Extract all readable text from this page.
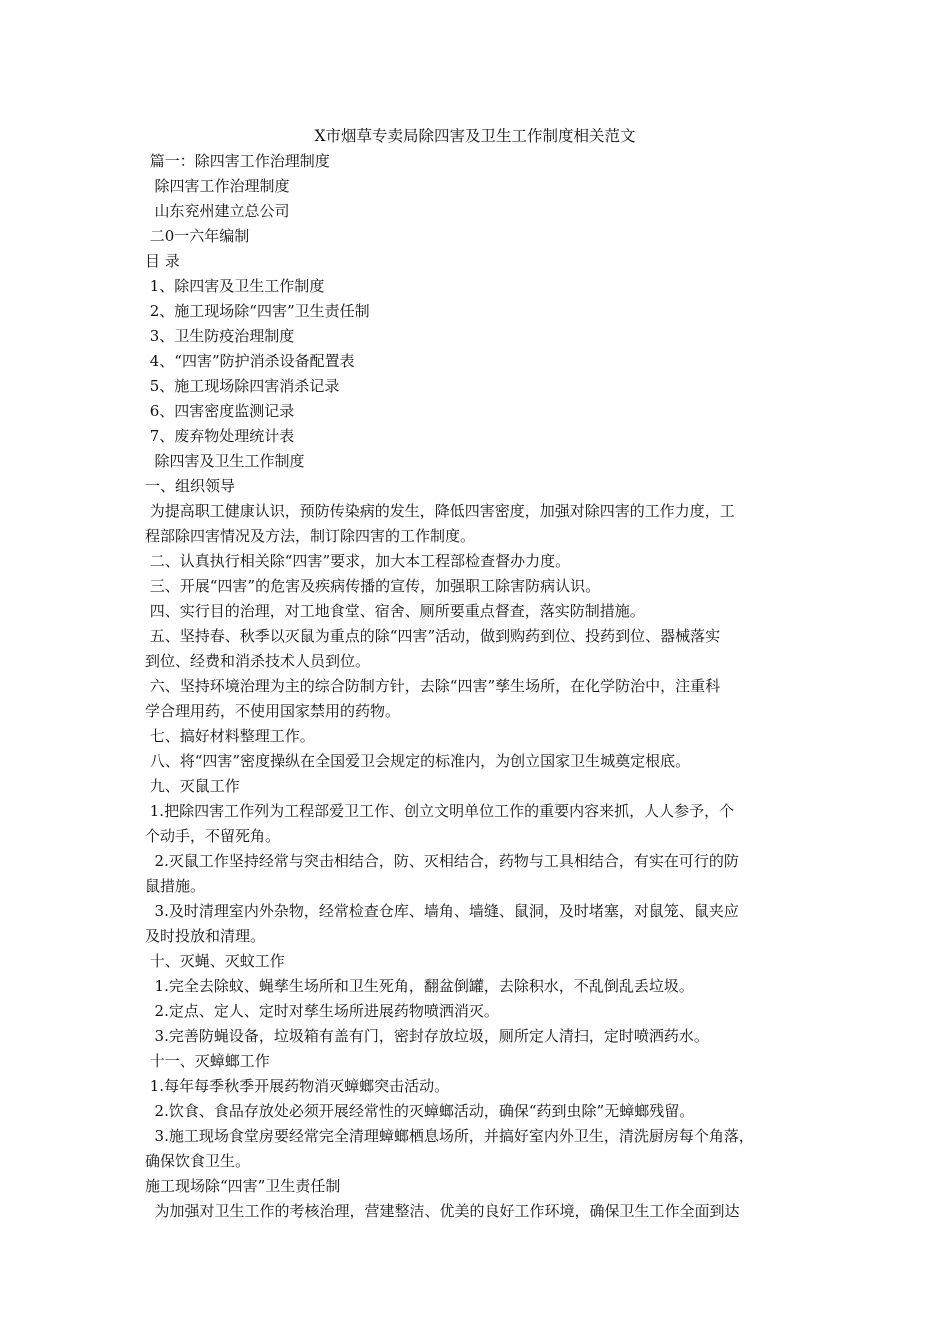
X市烟草专卖局除四害及卫生工作制度相关范文
篇一：除四害工作治理制度
除四害工作治理制度
山东兖州建立总公司
二0一六年编制
目 录
1、除四害及卫生工作制度
2、施工现场除“四害”卫生责任制
3、卫生防疫治理制度
4、“四害”防护消杀设备配置表
5、施工现场除四害消杀记录
6、四害密度监测记录
7、废弃物处理统计表
除四害及卫生工作制度
一、组织领导
为提高职工健康认识，预防传染病的发生，降低四害密度，加强对除四害的工作力度，工
程部除四害情况及方法，制订除四害的工作制度。
二、认真执行相关除“四害”要求，加大本工程部检查督办力度。
三、开展“四害”的危害及疾病传播的宣传，加强职工除害防病认识。
四、实行目的治理，对工地食堂、宿舍、厕所要重点督查，落实防制措施。
五、坚持春、秋季以灭鼠为重点的除“四害”活动，做到购药到位、投药到位、器械落实
到位、经费和消杀技术人员到位。
六、坚持环境治理为主的综合防制方针，去除“四害”孳生场所，在化学防治中，注重科
学合理用药，不使用国家禁用的药物。
七、搞好材料整理工作。
八、将“四害”密度操纵在全国爱卫会规定的标准内，为创立国家卫生城奠定根底。
九、灭鼠工作
1.把除四害工作列为工程部爱卫工作、创立文明单位工作的重要内容来抓，人人参予，个
个动手，不留死角。
2.灭鼠工作坚持经常与突击相结合，防、灭相结合，药物与工具相结合，有实在可行的防
鼠措施。
3.及时清理室内外杂物，经常检查仓库、墙角、墙缝、鼠洞，及时堵塞，对鼠笼、鼠夹应
及时投放和清理。
十、灭蝇、灭蚊工作
1.完全去除蚊、蝇孳生场所和卫生死角，翻盆倒罐，去除积水，不乱倒乱丢垃圾。
2.定点、定人、定时对孳生场所进展药物喷洒消灭。
3.完善防蝇设备，垃圾箱有盖有门，密封存放垃圾，厕所定人清扫，定时喷洒药水。
十一、灭蟑螂工作
1.每年每季秋季开展药物消灭蟑螂突击活动。
2.饮食、食品存放处必须开展经常性的灭蟑螂活动，确保“药到虫除”无蟑螂残留。
3.施工现场食堂房要经常完全清理蟑螂栖息场所，并搞好室内外卫生，清洗厨房每个角落，
确保饮食卫生。
施工现场除“四害”卫生责任制
为加强对卫生工作的考核治理，营建整洁、优美的良好工作环境，确保卫生工作全面到达
